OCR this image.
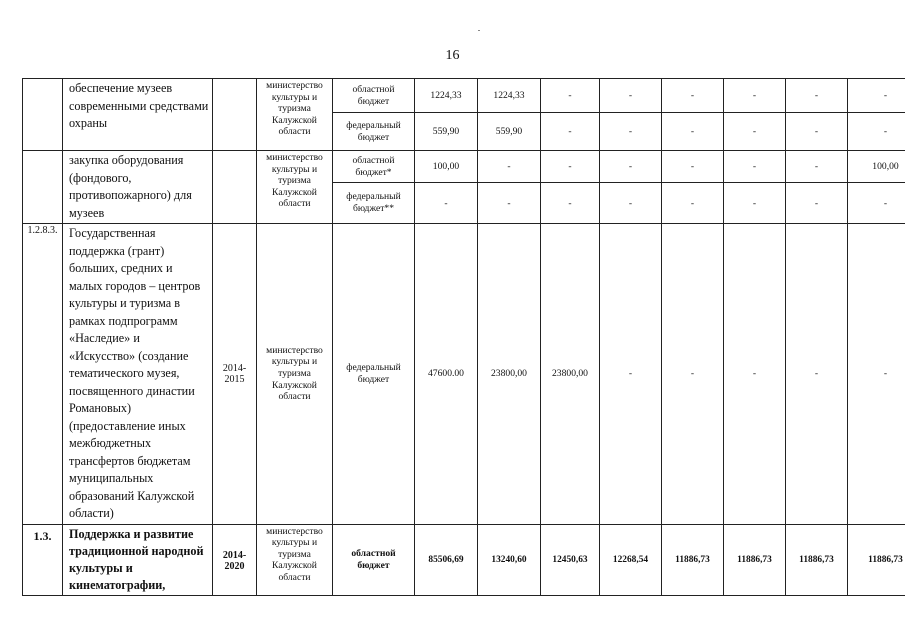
16
	обеспечение музеев современными средствами охраны		министерство культуры и туризма Калужской области	областной бюджет	1224,33	1224,33	-	-	-	-	-	-
				федеральный бюджет	559,90	559,90	-	-	-	-	-	-
	закупка оборудования (фондового, противопожарного) для музеев		министерство культуры и туризма Калужской области	областной бюджет*	100,00	-	-	-	-	-	-	100,00
				федеральный бюджет**	-	-	-	-	-	-	-	-
1.2.8.3.	Государственная поддержка (грант) больших, средних и малых городов – центров культуры и туризма в рамках подпрограмм «Наследие» и «Искусство» (создание тематического музея, посвященного династии Романовых) (предоставление иных межбюджетных трансфертов бюджетам муниципальных образований Калужской области)	2014-2015	министерство культуры и туризма Калужской области	федеральный бюджет	47600.00	23800,00	23800,00	-	-	-	-	-
1.3.	Поддержка и развитие традиционной народной культуры и кинематографии,	2014-2020	министерство культуры и туризма Калужской области	областной бюджет	85506,69	13240,60	12450,63	12268,54	11886,73	11886,73	11886,73	11886,73
